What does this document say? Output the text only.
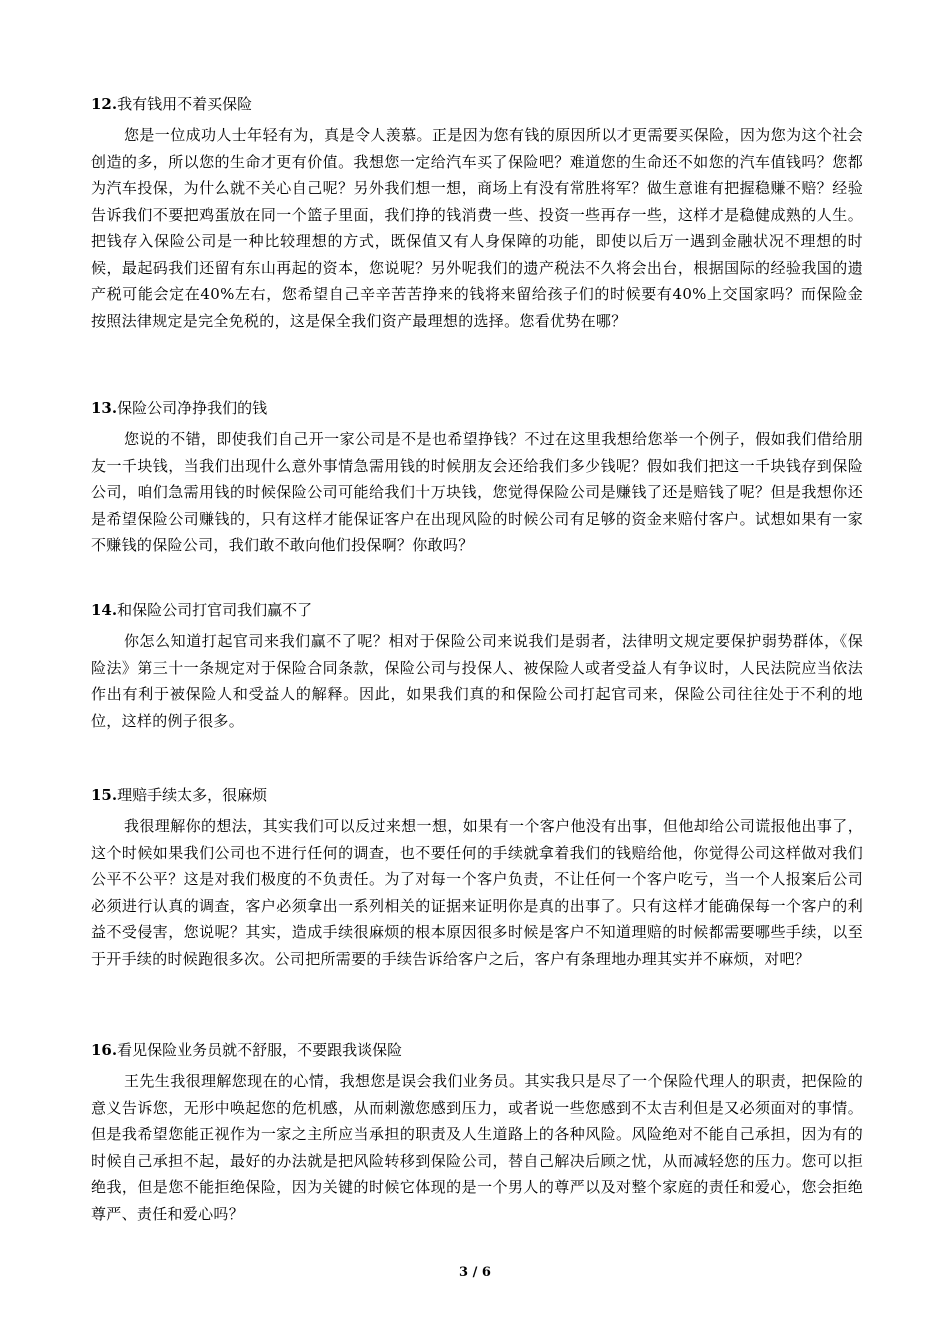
12.我有钱用不着买保险

您是一位成功人士年轻有为，真是令人羡慕。正是因为您有钱的原因所以才更需要买保险，因为您为这个社会创造的多，所以您的生命才更有价值。我想您一定给汽车买了保险吧？难道您的生命还不如您的汽车值钱吗？您都为汽车投保，为什么就不关心自己呢？另外我们想一想，商场上有没有常胜将军？做生意谁有把握稳赚不赔？经验告诉我们不要把鸡蛋放在同一个篮子里面，我们挣的钱消费一些、投资一些再存一些，这样才是稳健成熟的人生。把钱存入保险公司是一种比较理想的方式，既保值又有人身保障的功能，即使以后万一遇到金融状况不理想的时候，最起码我们还留有东山再起的资本，您说呢？另外呢我们的遗产税法不久将会出台，根据国际的经验我国的遗产税可能会定在40%左右，您希望自己辛辛苦苦挣来的钱将来留给孩子们的时候要有40%上交国家吗？而保险金按照法律规定是完全免税的，这是保全我们资产最理想的选择。您看优势在哪？

13.保险公司净挣我们的钱

您说的不错，即使我们自己开一家公司是不是也希望挣钱？不过在这里我想给您举一个例子，假如我们借给朋友一千块钱，当我们出现什么意外事情急需用钱的时候朋友会还给我们多少钱呢？假如我们把这一千块钱存到保险公司，咱们急需用钱的时候保险公司可能给我们十万块钱，您觉得保险公司是赚钱了还是赔钱了呢？但是我想你还是希望保险公司赚钱的，只有这样才能保证客户在出现风险的时候公司有足够的资金来赔付客户。试想如果有一家不赚钱的保险公司，我们敢不敢向他们投保啊？你敢吗？

14.和保险公司打官司我们赢不了

你怎么知道打起官司来我们赢不了呢？相对于保险公司来说我们是弱者，法律明文规定要保护弱势群体，《保险法》第三十一条规定对于保险合同条款，保险公司与投保人、被保险人或者受益人有争议时，人民法院应当依法作出有利于被保险人和受益人的解释。因此，如果我们真的和保险公司打起官司来，保险公司往往处于不利的地位，这样的例子很多。

15.理赔手续太多，很麻烦

我很理解你的想法，其实我们可以反过来想一想，如果有一个客户他没有出事，但他却给公司谎报他出事了，这个时候如果我们公司也不进行任何的调查，也不要任何的手续就拿着我们的钱赔给他，你觉得公司这样做对我们公平不公平？这是对我们极度的不负责任。为了对每一个客户负责，不让任何一个客户吃亏，当一个人报案后公司必须进行认真的调查，客户必须拿出一系列相关的证据来证明你是真的出事了。只有这样才能确保每一个客户的利益不受侵害，您说呢？其实，造成手续很麻烦的根本原因很多时候是客户不知道理赔的时候都需要哪些手续，以至于开手续的时候跑很多次。公司把所需要的手续告诉给客户之后，客户有条理地办理其实并不麻烦，对吧？

16.看见保险业务员就不舒服，不要跟我谈保险

王先生我很理解您现在的心情，我想您是误会我们业务员。其实我只是尽了一个保险代理人的职责，把保险的意义告诉您，无形中唤起您的危机感，从而刺激您感到压力，或者说一些您感到不太吉利但是又必须面对的事情。但是我希望您能正视作为一家之主所应当承担的职责及人生道路上的各种风险。风险绝对不能自己承担，因为有的时候自己承担不起，最好的办法就是把风险转移到保险公司，替自己解决后顾之忧，从而减轻您的压力。您可以拒绝我，但是您不能拒绝保险，因为关键的时候它体现的是一个男人的尊严以及对整个家庭的责任和爱心，您会拒绝尊严、责任和爱心吗？

3 / 6
